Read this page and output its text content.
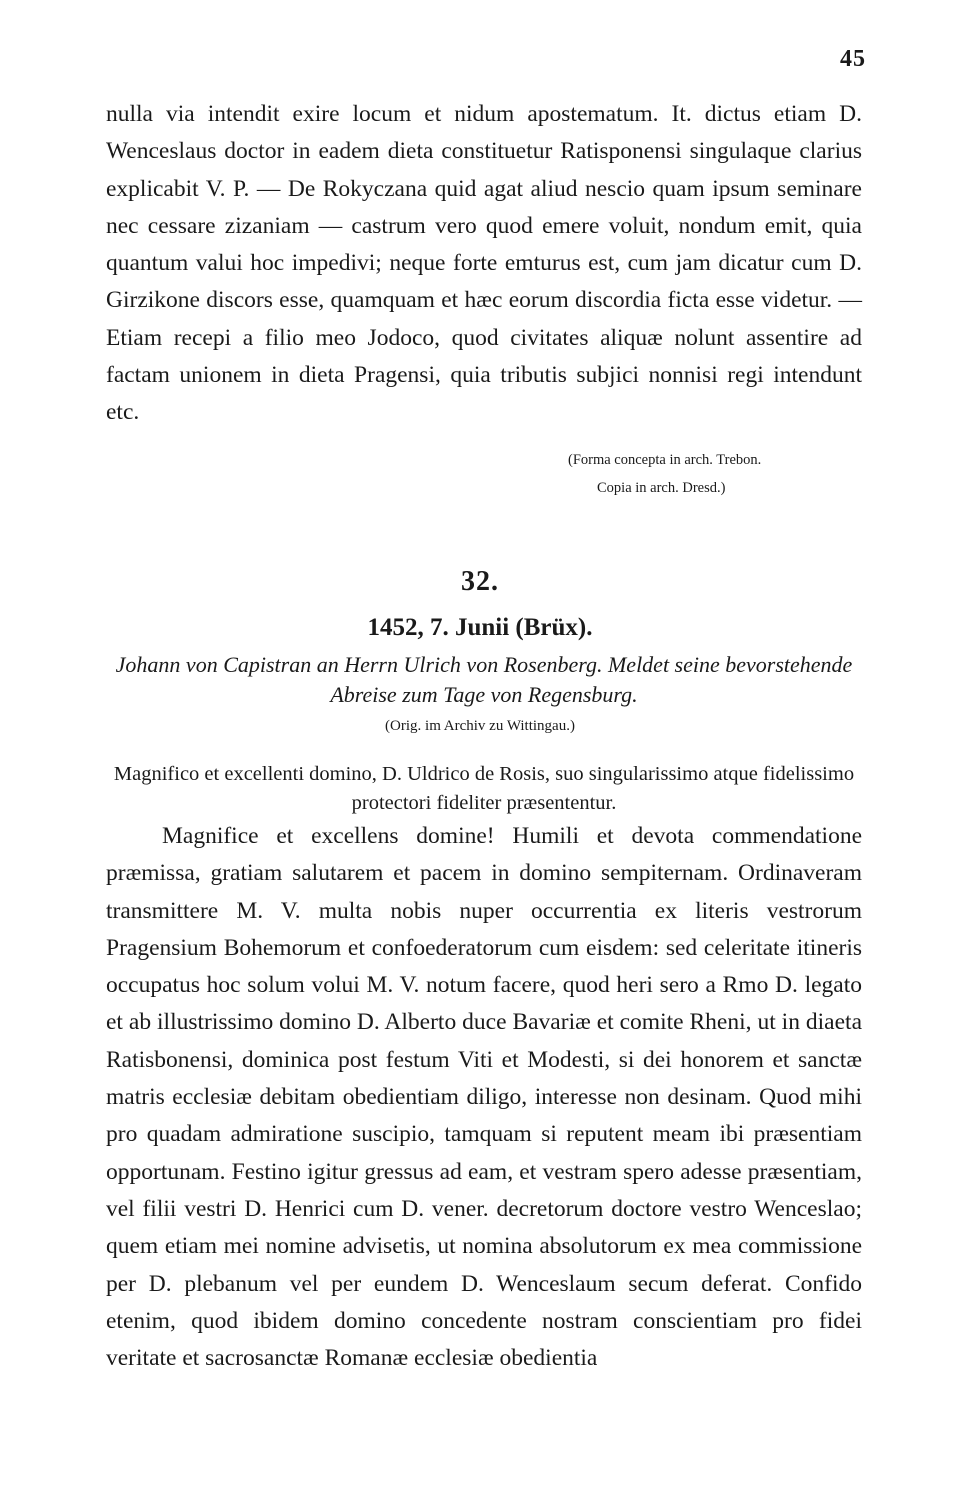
45

nulla via intendit exire locum et nidum apostematum. It. dictus etiam D. Wenceslaus doctor in eadem dieta constituetur Ratisponensi singulaque clarius explicabit V. P. — De Rokyczana quid agat aliud nescio quam ipsum seminare nec cessare zizaniam — castrum vero quod emere voluit, nondum emit, quia quantum valui hoc impedivi; neque forte emturus est, cum jam dicatur cum D. Girzikone discors esse, quamquam et hæc eorum discordia ficta esse videtur. — Etiam recepi a filio meo Jodoco, quod civitates aliquæ nolunt assentire ad factam unionem in dieta Pragensi, quia tributis subjici nonnisi regi intendunt etc.

(Forma concepta in arch. Trebon.
Copia in arch. Dresd.)
32.
1452, 7. Junii (Brüx).
Johann von Capistran an Herrn Ulrich von Rosenberg. Meldet seine bevorstehende Abreise zum Tage von Regensburg.
(Orig. im Archiv zu Wittingau.)
Magnifico et excellenti domino, D. Uldrico de Rosis, suo singularissimo atque fidelissimo protectori fideliter præsententur.

Magnifice et excellens domine! Humili et devota commendatione præmissa, gratiam salutarem et pacem in domino sempiternam. Ordinaveram transmittere M. V. multa nobis nuper occurrentia ex literis vestrorum Pragensium Bohemorum et confoederatorum cum eisdem: sed celeritate itineris occupatus hoc solum volui M. V. notum facere, quod heri sero a Rmo D. legato et ab illustrissimo domino D. Alberto duce Bavariæ et comite Rheni, ut in diaeta Ratisbonensi, dominica post festum Viti et Modesti, si dei honorem et sanctæ matris ecclesiæ debitam obedientiam diligo, interesse non desinam. Quod mihi pro quadam admiratione suscipio, tamquam si reputent meam ibi præsentiam opportunam. Festino igitur gressus ad eam, et vestram spero adesse præsentiam, vel filii vestri D. Henrici cum D. vener. decretorum doctore vestro Wenceslao; quem etiam mei nomine advisetis, ut nomina absolutorum ex mea commissione per D. plebanum vel per eundem D. Wenceslaum secum deferat. Confido etenim, quod ibidem domino concedente nostram conscientiam pro fidei veritate et sacrosanctæ Romanæ ecclesiæ obedientia
